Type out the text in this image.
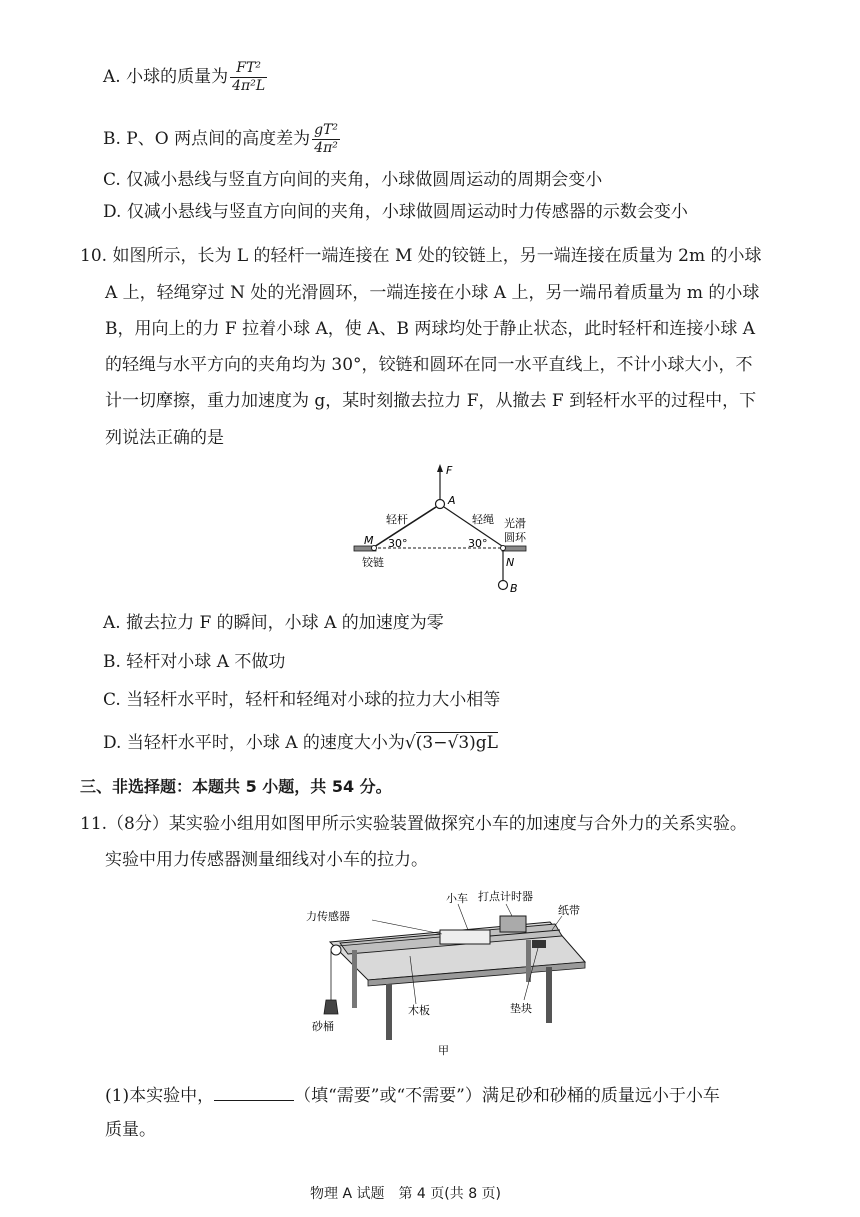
A. 小球的质量为 $\frac{\text{FT²}}{\text{4π²L}}$
B. P、O 两点间的高度差为 $\frac{\text{gT²}}{\text{4π²}}$
C. 仅减小悬线与竖直方向间的夹角，小球做圆周运动的周期会变小
D. 仅减小悬线与竖直方向间的夹角，小球做圆周运动时力传感器的示数会变小
10. 如图所示，长为 L 的轻杆一端连接在 M 处的铰链上，另一端连接在质量为 2m 的小球
A 上，轻绳穿过 N 处的光滑圆环，一端连接在小球 A 上，另一端吊着质量为 m 的小球
B，用向上的力 F 拉着小球 A，使 A、B 两球均处于静止状态，此时轻杆和连接小球 A
的轻绳与水平方向的夹角均为 30°，铰链和圆环在同一水平直线上，不计小球大小，不
计一切摩擦，重力加速度为 g，某时刻撤去拉力 F，从撤去 F 到轻杆水平的过程中，下
列说法正确的是
F
A
轻杆	轻绳 光滑
圆环
M 30°	30°
N
B
铰链
A. 撤去拉力 F 的瞬间，小球 A 的加速度为零
B. 轻杆对小球 A 不做功
C. 当轻杆水平时，轻杆和轻绳对小球的拉力大小相等
D. 当轻杆水平时，小球 A 的速度大小为√(3−√3)gL
三、非选择题：本题共 5 小题，共 54 分。
11.（8分）某实验小组用如图甲所示实验装置做探究小车的加速度与合外力的关系实验。
实验中用力传感器测量细线对小车的拉力。
小车 打点计时器
力传感器	纸带
木板
砂桶
垫块
甲
(1)本实验中，	（填“需要”或“不需要”）满足砂和砂桶的质量远小于小车
质量。
物理 A 试题　第 4 页(共 8 页)
